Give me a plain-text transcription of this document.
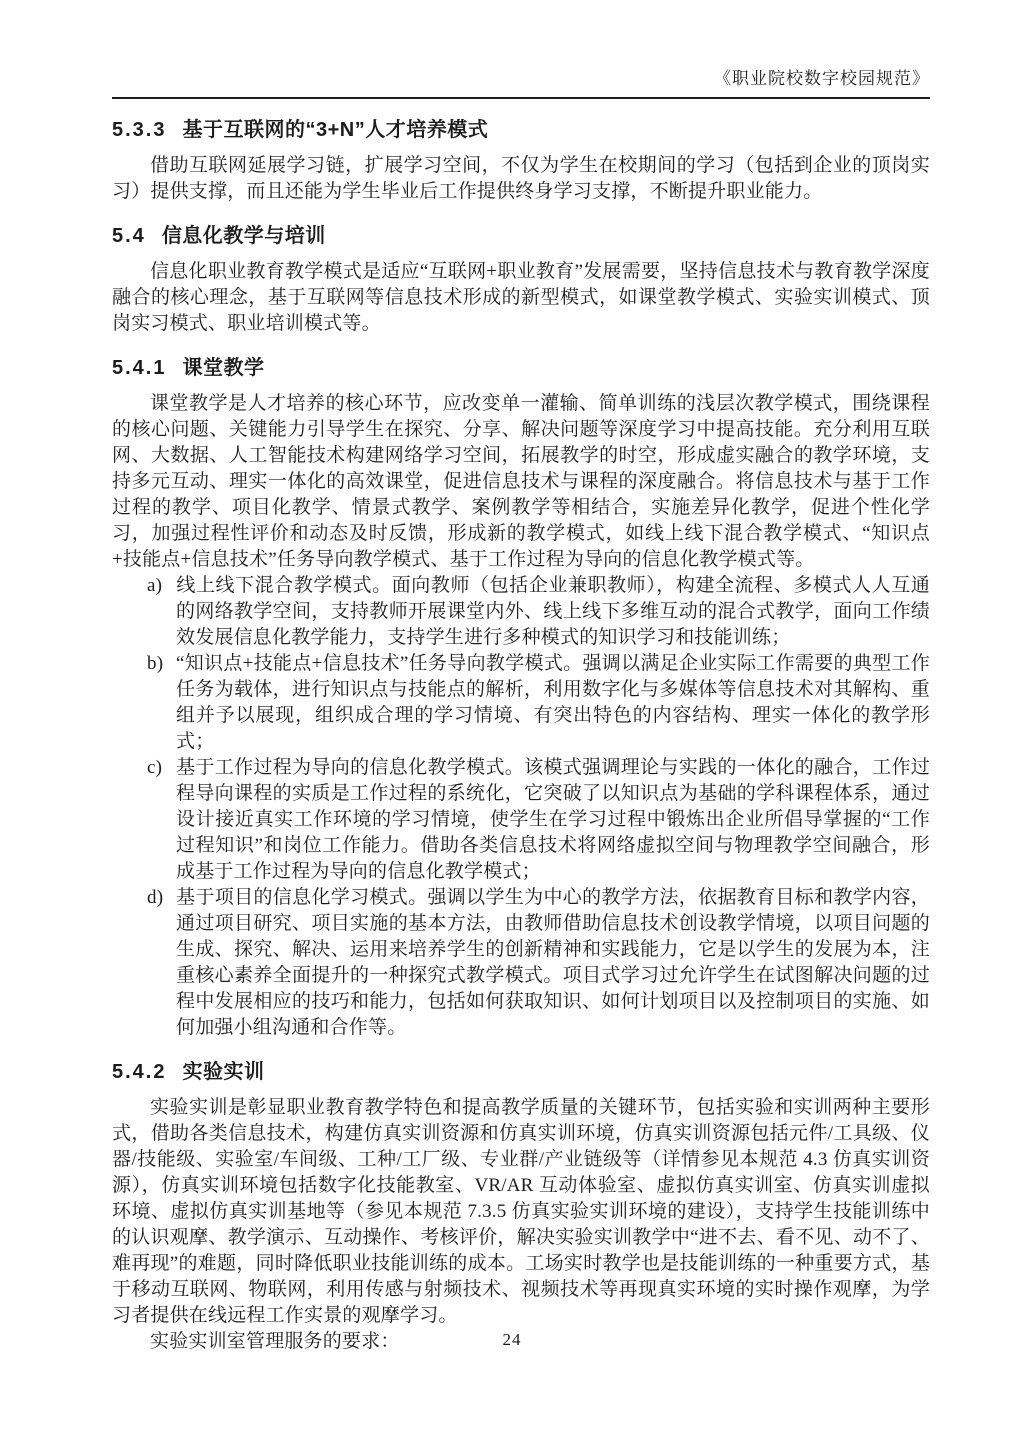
《职业院校数字校园规范》
5.3.3 基于互联网的“3+N”人才培养模式

借助互联网延展学习链，扩展学习空间，不仅为学生在校期间的学习（包括到企业的顶岗实习）提供支撑，而且还能为学生毕业后工作提供终身学习支撑，不断提升职业能力。

5.4 信息化教学与培训

信息化职业教育教学模式是适应“互联网+职业教育”发展需要，坚持信息技术与教育教学深度融合的核心理念，基于互联网等信息技术形成的新型模式，如课堂教学模式、实验实训模式、顶岗实习模式、职业培训模式等。

5.4.1 课堂教学

课堂教学是人才培养的核心环节，应改变单一灌输、简单训练的浅层次教学模式，围绕课程的核心问题、关键能力引导学生在探究、分享、解决问题等深度学习中提高技能。充分利用互联网、大数据、人工智能技术构建网络学习空间，拓展教学的时空，形成虚实融合的教学环境，支持多元互动、理实一体化的高效课堂，促进信息技术与课程的深度融合。将信息技术与基于工作过程的教学、项目化教学、情景式教学、案例教学等相结合，实施差异化教学，促进个性化学习，加强过程性评价和动态及时反馈，形成新的教学模式，如线上线下混合教学模式、“知识点+技能点+信息技术”任务导向教学模式、基于工作过程为导向的信息化教学模式等。

a) 线上线下混合教学模式。面向教师（包括企业兼职教师），构建全流程、多模式人人互通的网络教学空间，支持教师开展课堂内外、线上线下多维互动的混合式教学，面向工作绩效发展信息化教学能力，支持学生进行多种模式的知识学习和技能训练；

b) “知识点+技能点+信息技术”任务导向教学模式。强调以满足企业实际工作需要的典型工作任务为载体，进行知识点与技能点的解析，利用数字化与多媒体等信息技术对其解构、重组并予以展现，组织成合理的学习情境、有突出特色的内容结构、理实一体化的教学形式；

c) 基于工作过程为导向的信息化教学模式。该模式强调理论与实践的一体化的融合，工作过程导向课程的实质是工作过程的系统化，它突破了以知识点为基础的学科课程体系，通过设计接近真实工作环境的学习情境，使学生在学习过程中锻炼出企业所倡导掌握的“工作过程知识”和岗位工作能力。借助各类信息技术将网络虚拟空间与物理教学空间融合，形成基于工作过程为导向的信息化教学模式；

d) 基于项目的信息化学习模式。强调以学生为中心的教学方法，依据教育目标和教学内容，通过项目研究、项目实施的基本方法，由教师借助信息技术创设教学情境，以项目问题的生成、探究、解决、运用来培养学生的创新精神和实践能力，它是以学生的发展为本，注重核心素养全面提升的一种探究式教学模式。项目式学习过允许学生在试图解决问题的过程中发展相应的技巧和能力，包括如何获取知识、如何计划项目以及控制项目的实施、如何加强小组沟通和合作等。

5.4.2 实验实训

实验实训是彰显职业教育教学特色和提高教学质量的关键环节，包括实验和实训两种主要形式，借助各类信息技术，构建仿真实训资源和仿真实训环境，仿真实训资源包括元件/工具级、仪器/技能级、实验室/车间级、工种/工厂级、专业群/产业链级等（详情参见本规范 4.3 仿真实训资源），仿真实训环境包括数字化技能教室、VR/AR 互动体验室、虚拟仿真实训室、仿真实训虚拟环境、虚拟仿真实训基地等（参见本规范 7.3.5 仿真实验实训环境的建设），支持学生技能训练中的认识观摩、教学演示、互动操作、考核评价，解决实验实训教学中“进不去、看不见、动不了、难再现”的难题，同时降低职业技能训练的成本。工场实时教学也是技能训练的一种重要方式，基于移动互联网、物联网，利用传感与射频技术、视频技术等再现真实环境的实时操作观摩，为学习者提供在线远程工作实景的观摩学习。

实验实训室管理服务的要求：	24
